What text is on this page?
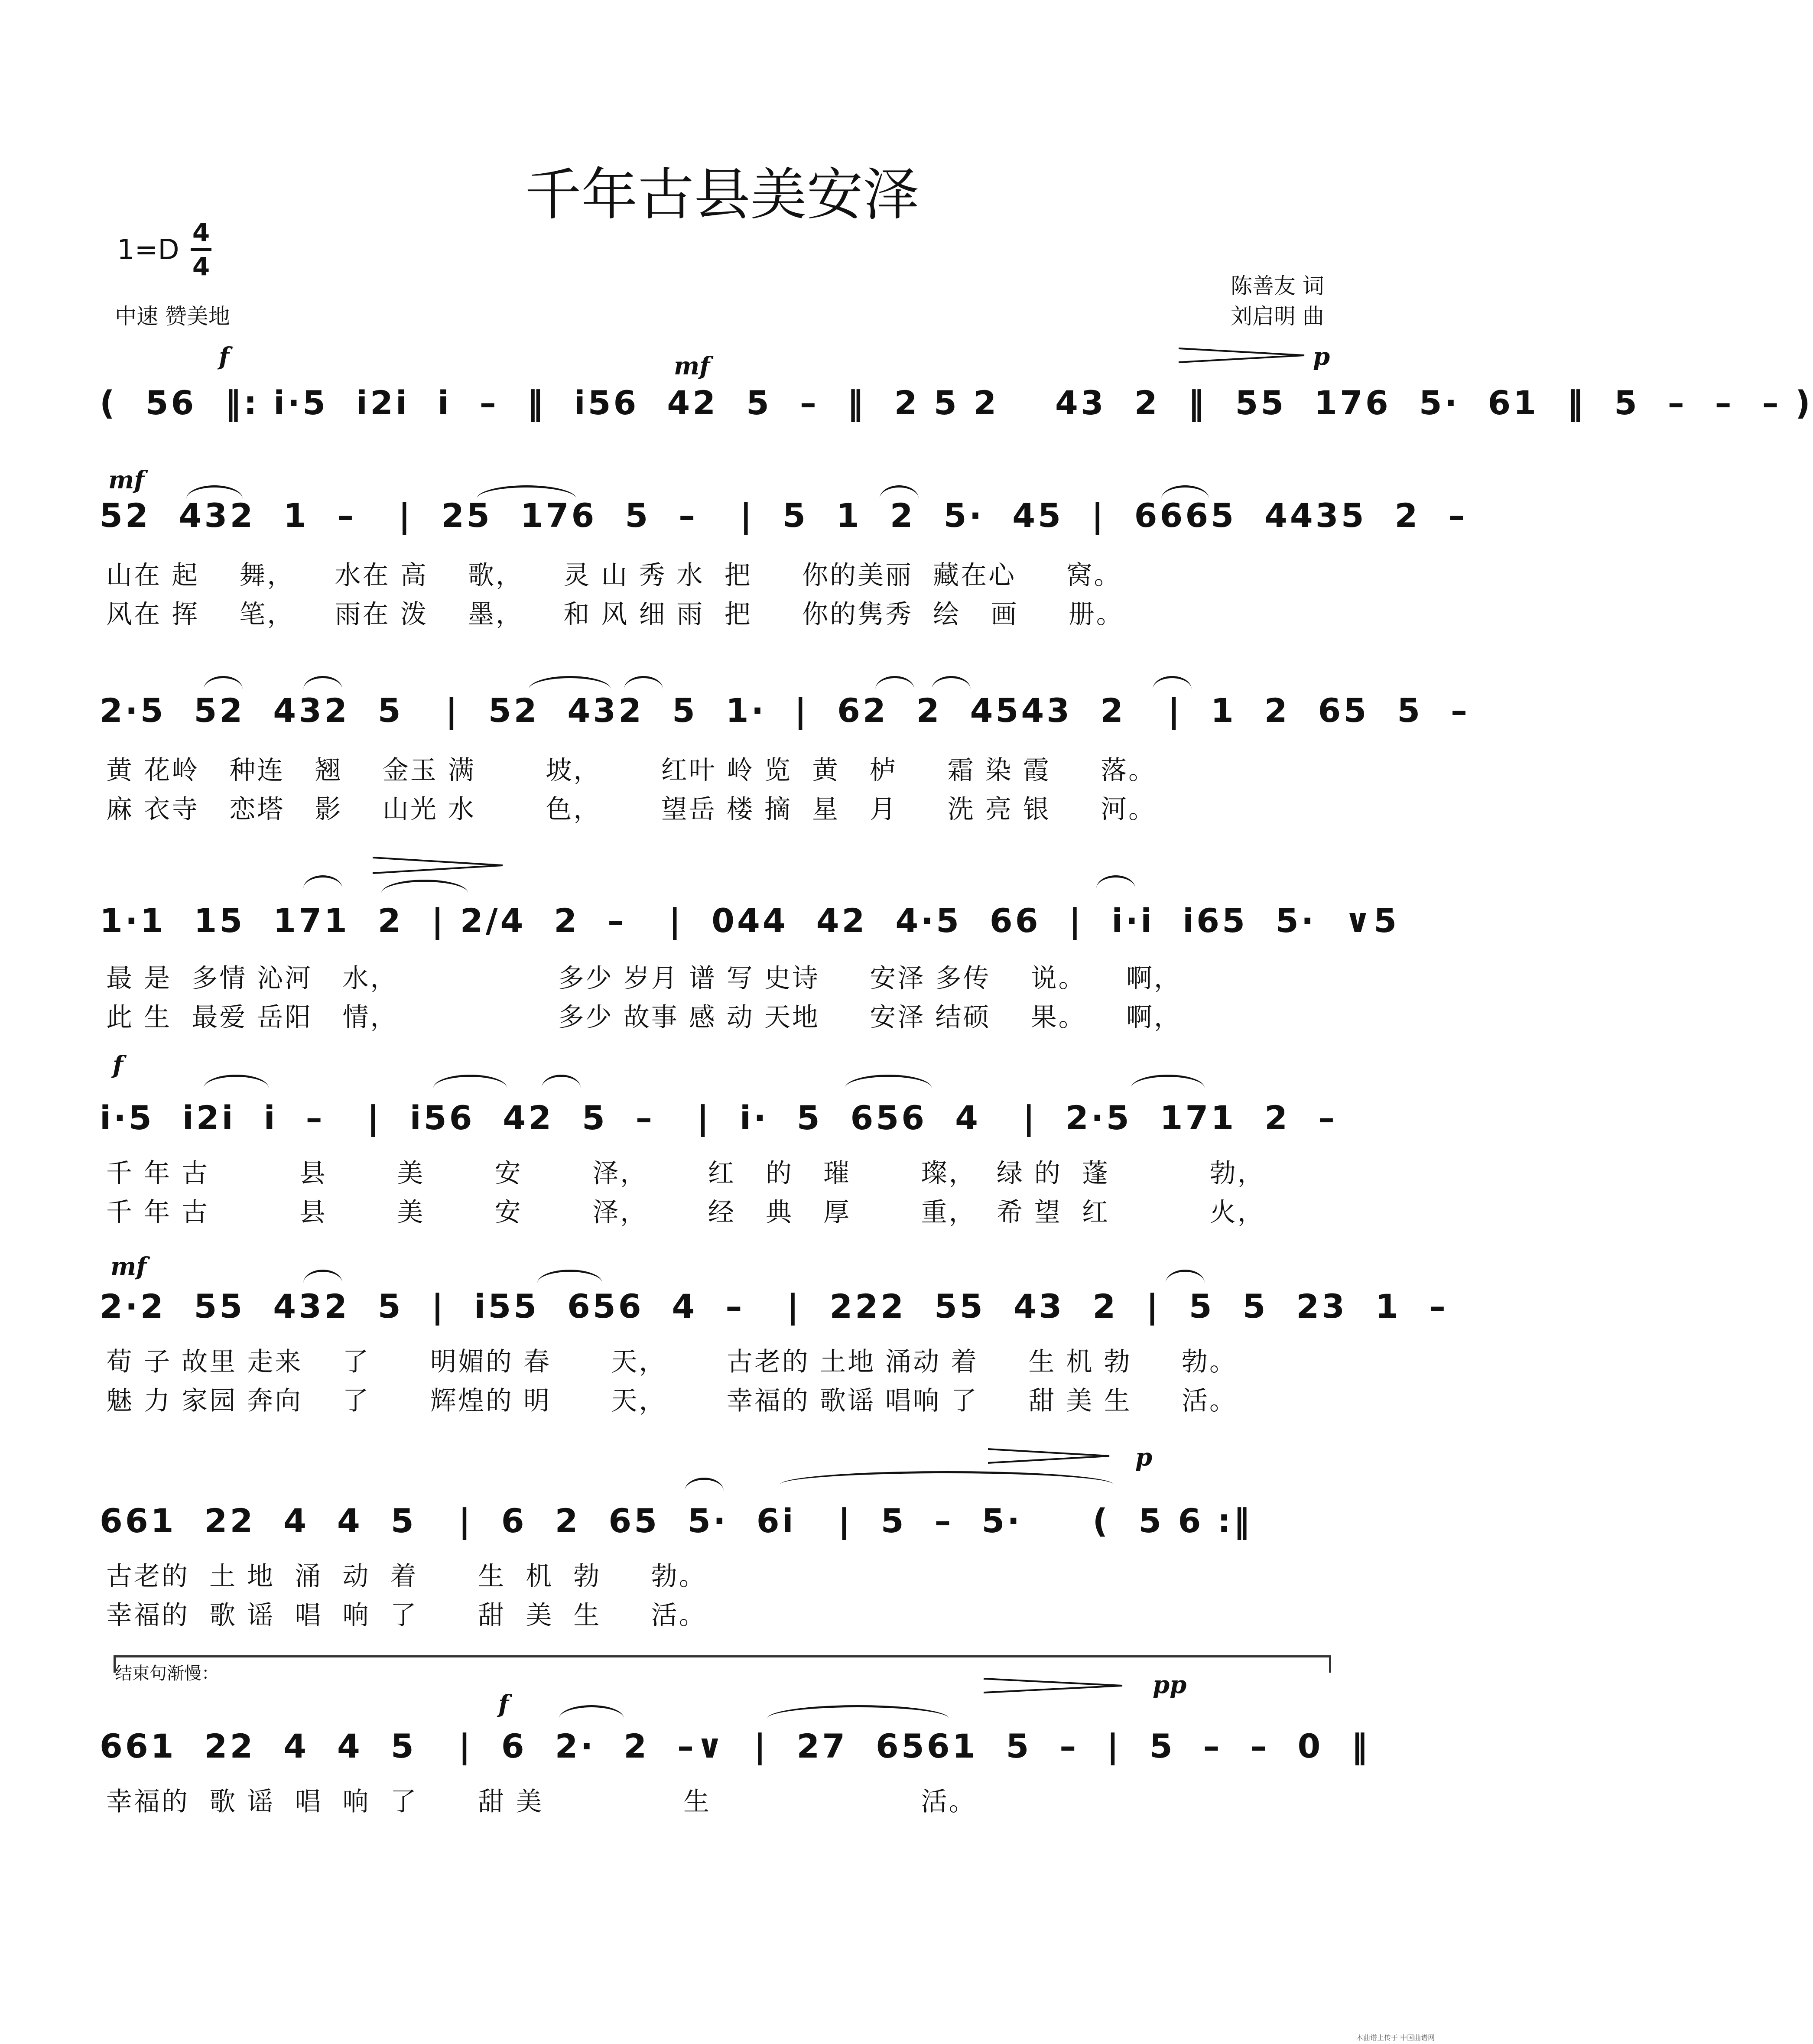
千年古县美安泽
1=D
4
4
中速 赞美地
陈善友 词
刘启明 曲
f	mf	p
(  56  ‖: i·5  i2i  i  –  ‖  i56  42  5  –  ‖  2 5 2    43  2  ‖  55  176  5·  61  ‖  5  –  –  – )
mf
52  432  1  –   |  25  176  5  –   |  5  1  2  5·  45  |  6665  4435  2  –
山在 起    舞，    水在 高    歌，    灵 山 秀 水  把     你的美丽  藏在心     窝。
风在 挥    笔，    雨在 泼    墨，    和 风 细 雨  把     你的隽秀  绘   画     册。
2·5  52  432  5   |  52  432  5  1·  |  62  2  4543  2   |  1  2  65  5  –
黄 花岭   种连   翘    金玉 满       坡，      红叶 岭 览  黄   栌     霜 染 霞     落。
麻 衣寺   恋塔   影    山光 水       色，      望岳 楼 摘  星   月     洗 亮 银     河。
1·1  15  171  2  | 2/4  2  –   |  044  42  4·5  66  |  i·i  i65  5·  ∨5
最 是  多情 沁河   水，                多少 岁月 谱 写 史诗     安泽 多传    说。    啊，
此 生  最爱 岳阳   情，                多少 故事 感 动 天地     安泽 结硕    果。    啊，
f
i·5  i2i  i  –   |  i56  42  5  –   |  i·  5  656  4   |  2·5  171  2  –
千 年 古         县       美       安       泽，      红   的   璀       璨，  绿 的  蓬          勃，
千 年 古         县       美       安       泽，      经   典   厚       重，  希 望  红          火，
mf
2·2  55  432  5  |  i55  656  4  –   |  222  55  43  2  |  5  5  23  1  –
荀 子 故里 走来    了      明媚的 春      天，      古老的 土地 涌动 着     生 机 勃     勃。
魅 力 家园 奔向    了      辉煌的 明      天，      幸福的 歌谣 唱响 了     甜 美 生     活。
p
661  22  4  4  5   |  6  2  65  5·  6i   |  5  –  5·     (  5 6 :‖
古老的  土 地  涌  动  着      生  机  勃     勃。
幸福的  歌 谣  唱  响  了      甜  美  生     活。
结束句渐慢：
f
pp
661  22  4  4  5   |  6  2·  2  –∨  |  27  6561  5  –  |  5  –  –  0  ‖
幸福的  歌 谣  唱  响  了      甜 美              生                     活。
本曲谱上传于 中国曲谱网
